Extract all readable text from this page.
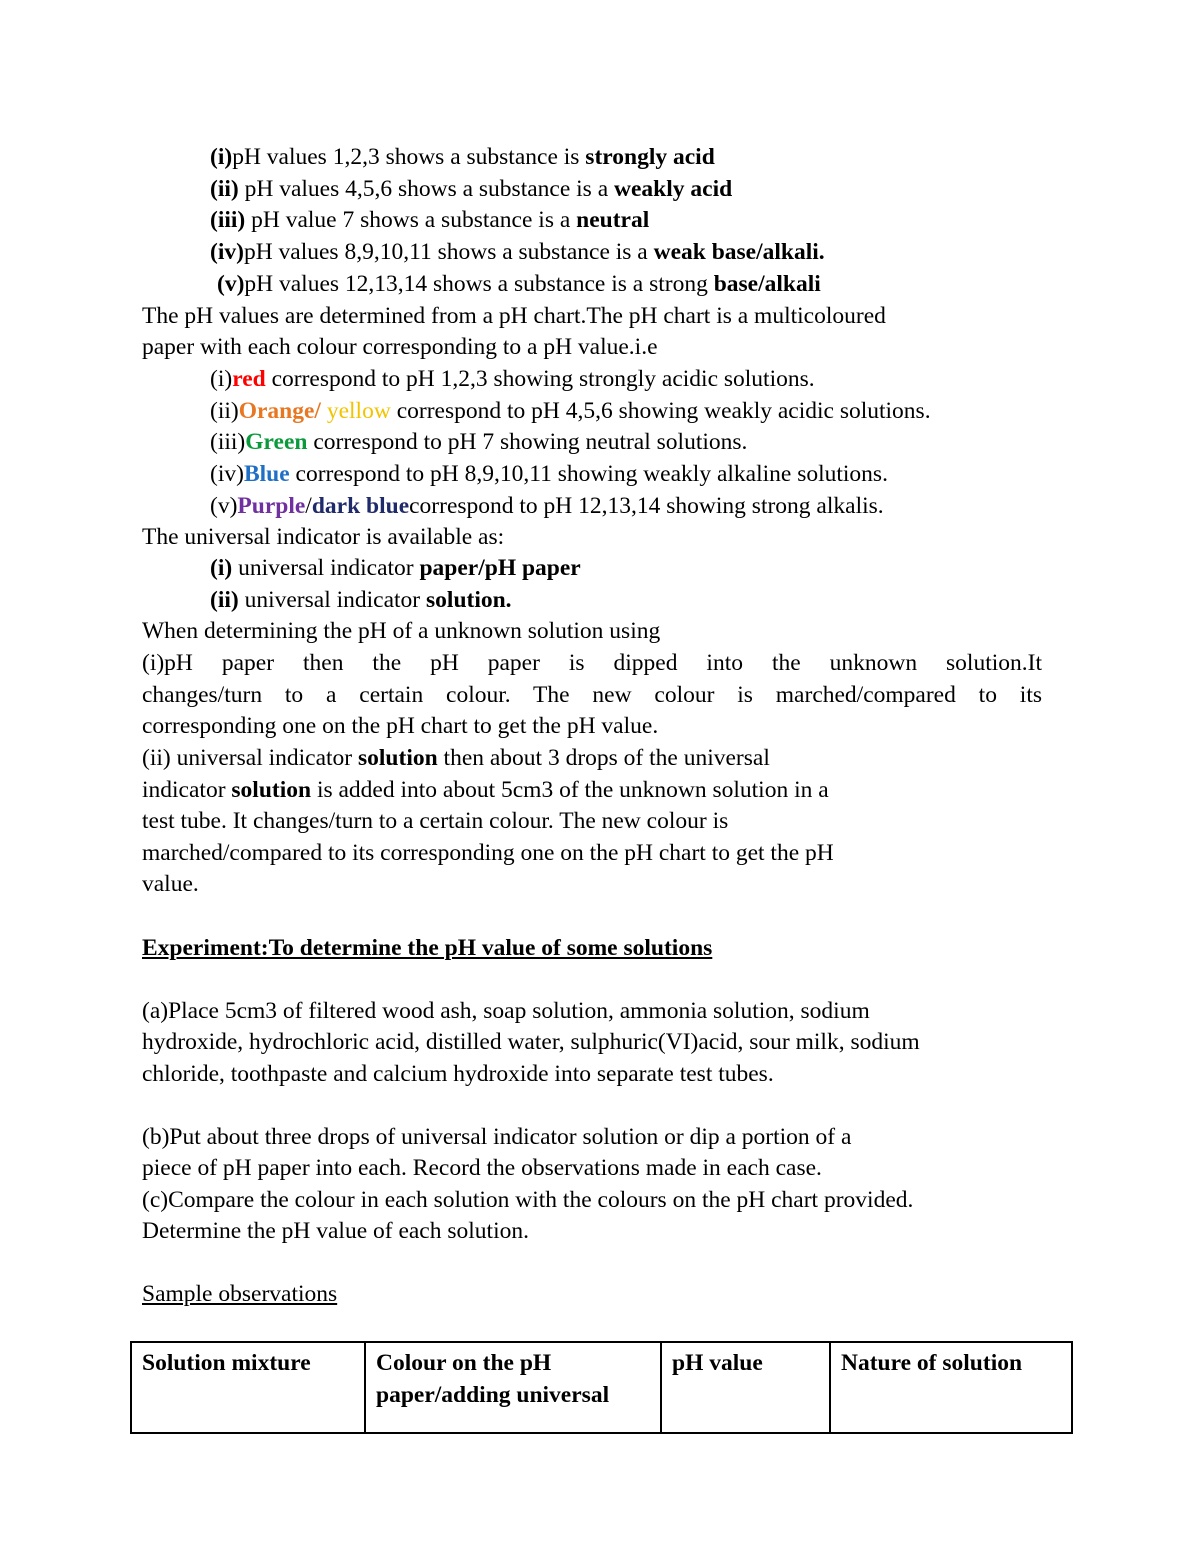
(i)pH values 1,2,3 shows a substance is strongly acid

(ii) pH values 4,5,6 shows a substance is a weakly acid

(iii) pH value 7 shows a substance is a neutral

(iv)pH values 8,9,10,11 shows a substance is a weak base/alkali.

(v)pH values 12,13,14 shows a substance is a strong base/alkali

The pH values are determined from a pH chart.The pH chart is a multicoloured

paper with each colour corresponding to a pH value.i.e

(i)red correspond to pH 1,2,3 showing strongly acidic solutions.

(ii)Orange/ yellow correspond to pH 4,5,6 showing weakly acidic solutions.

(iii)Green correspond to pH 7 showing neutral solutions.

(iv)Blue correspond to pH 8,9,10,11 showing weakly alkaline solutions.

(v)Purple/dark bluecorrespond to pH 12,13,14 showing strong alkalis.

The universal indicator is available as:

(i) universal indicator paper/pH paper

(ii) universal indicator solution.

When determining the pH of a unknown solution using

(i)pH paper then the pH paper is dipped into the unknown solution.It

changes/turn to a certain colour. The new colour is marched/compared to its

corresponding one on the pH chart to get the pH value.

(ii) universal indicator solution then about 3 drops of the universal

indicator solution is added into about 5cm3 of the unknown solution in a

test tube. It changes/turn to a certain colour. The new colour is

marched/compared to its corresponding one on the pH chart to get the pH

value.

Experiment:To determine the pH value of some solutions

(a)Place 5cm3 of filtered wood ash, soap solution, ammonia solution, sodium

hydroxide, hydrochloric acid, distilled water, sulphuric(VI)acid, sour milk, sodium

chloride, toothpaste and calcium hydroxide into separate test tubes.

(b)Put about three drops of universal indicator solution or dip a portion of a

piece of pH paper into each. Record the observations made in each case.

(c)Compare the colour in each solution with the colours on the pH chart provided.

Determine the pH value of each solution.

Sample observations

Solution mixture	Colour on the pH paper/adding universal	pH value	Nature of solution
